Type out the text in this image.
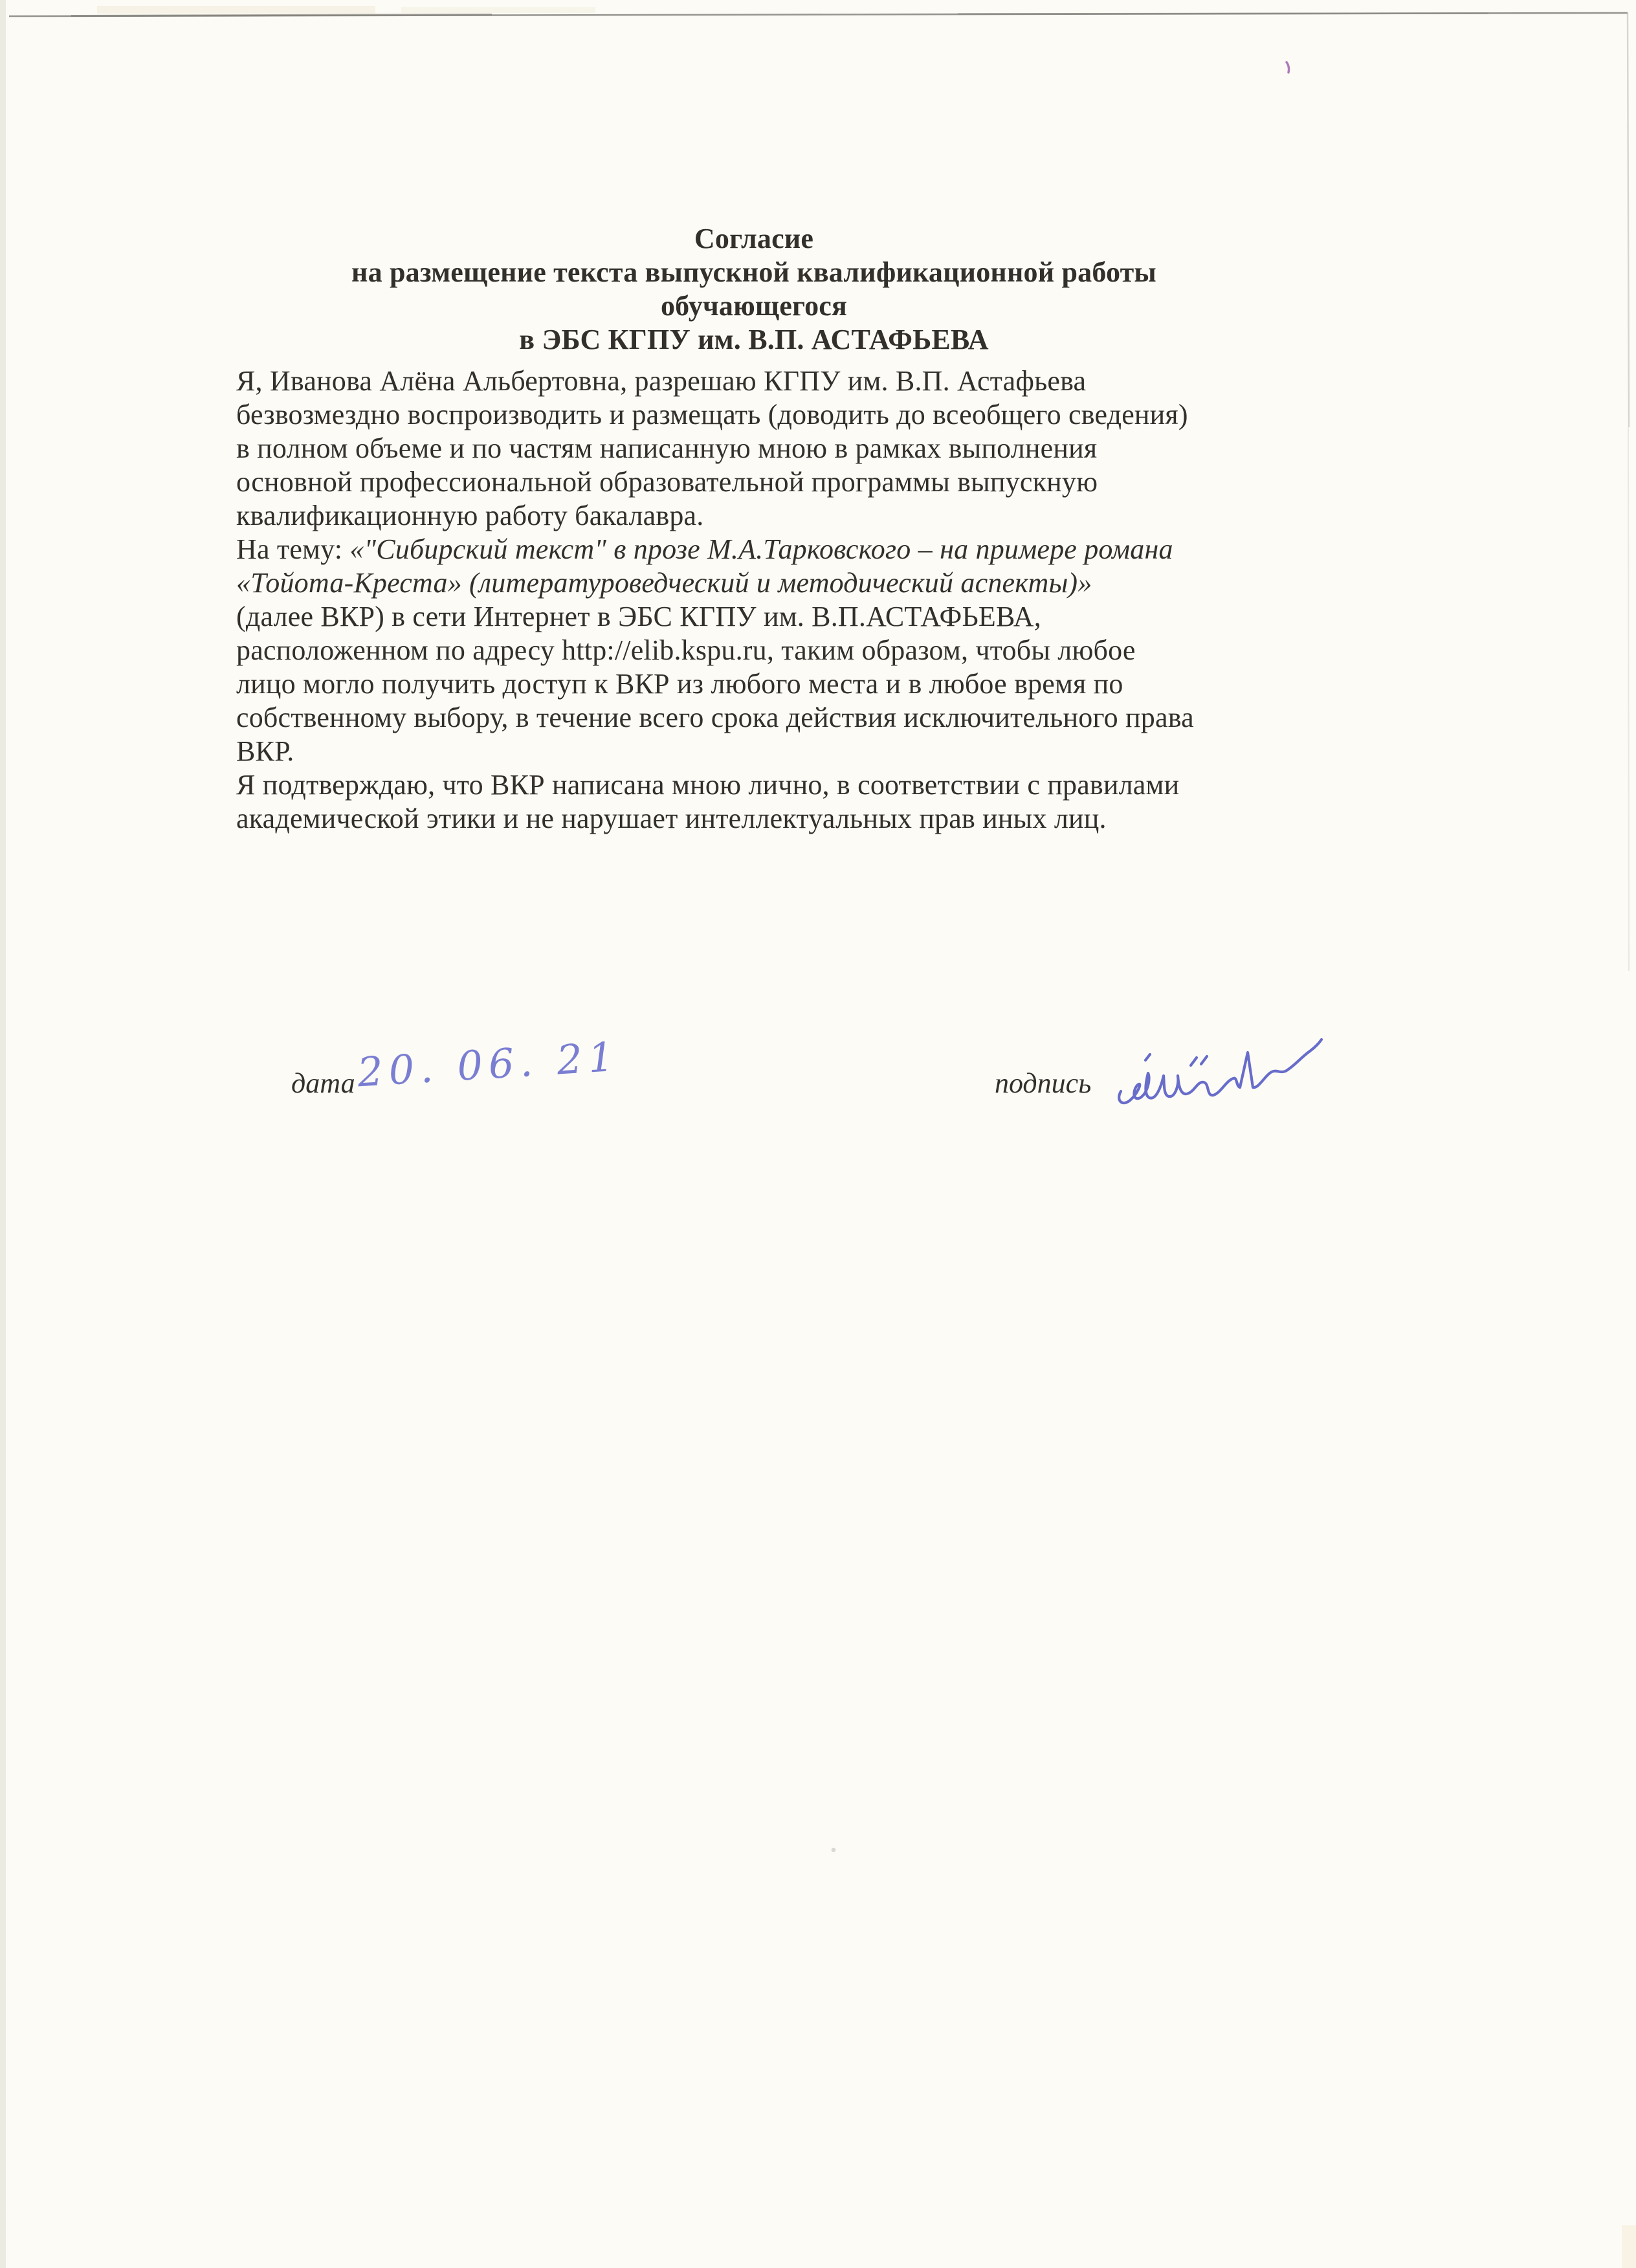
Согласие
на размещение текста выпускной квалификационной работы
обучающегося
в ЭБС КГПУ им. В.П. АСТАФЬЕВА
Я, Иванова Алёна Альбертовна, разрешаю КГПУ им. В.П. Астафьева
безвозмездно воспроизводить и размещать (доводить до всеобщего сведения)
в полном объеме и по частям написанную мною в рамках выполнения
основной профессиональной образовательной программы выпускную
квалификационную работу бакалавра.
На тему: «"Сибирский текст" в прозе М.А.Тарковского – на примере романа
«Тойота-Креста» (литературоведческий и методический аспекты)»
(далее ВКР) в сети Интернет в ЭБС КГПУ им. В.П.АСТАФЬЕВА,
расположенном по адресу http://elib.kspu.ru, таким образом, чтобы любое
лицо могло получить доступ к ВКР из любого места и в любое время по
собственному выбору, в течение всего срока действия исключительного права
ВКР.
Я подтверждаю, что ВКР написана мною лично, в соответствии с правилами
академической этики и не нарушает интеллектуальных прав иных лиц.
дата 20. 06. 21	подпись
